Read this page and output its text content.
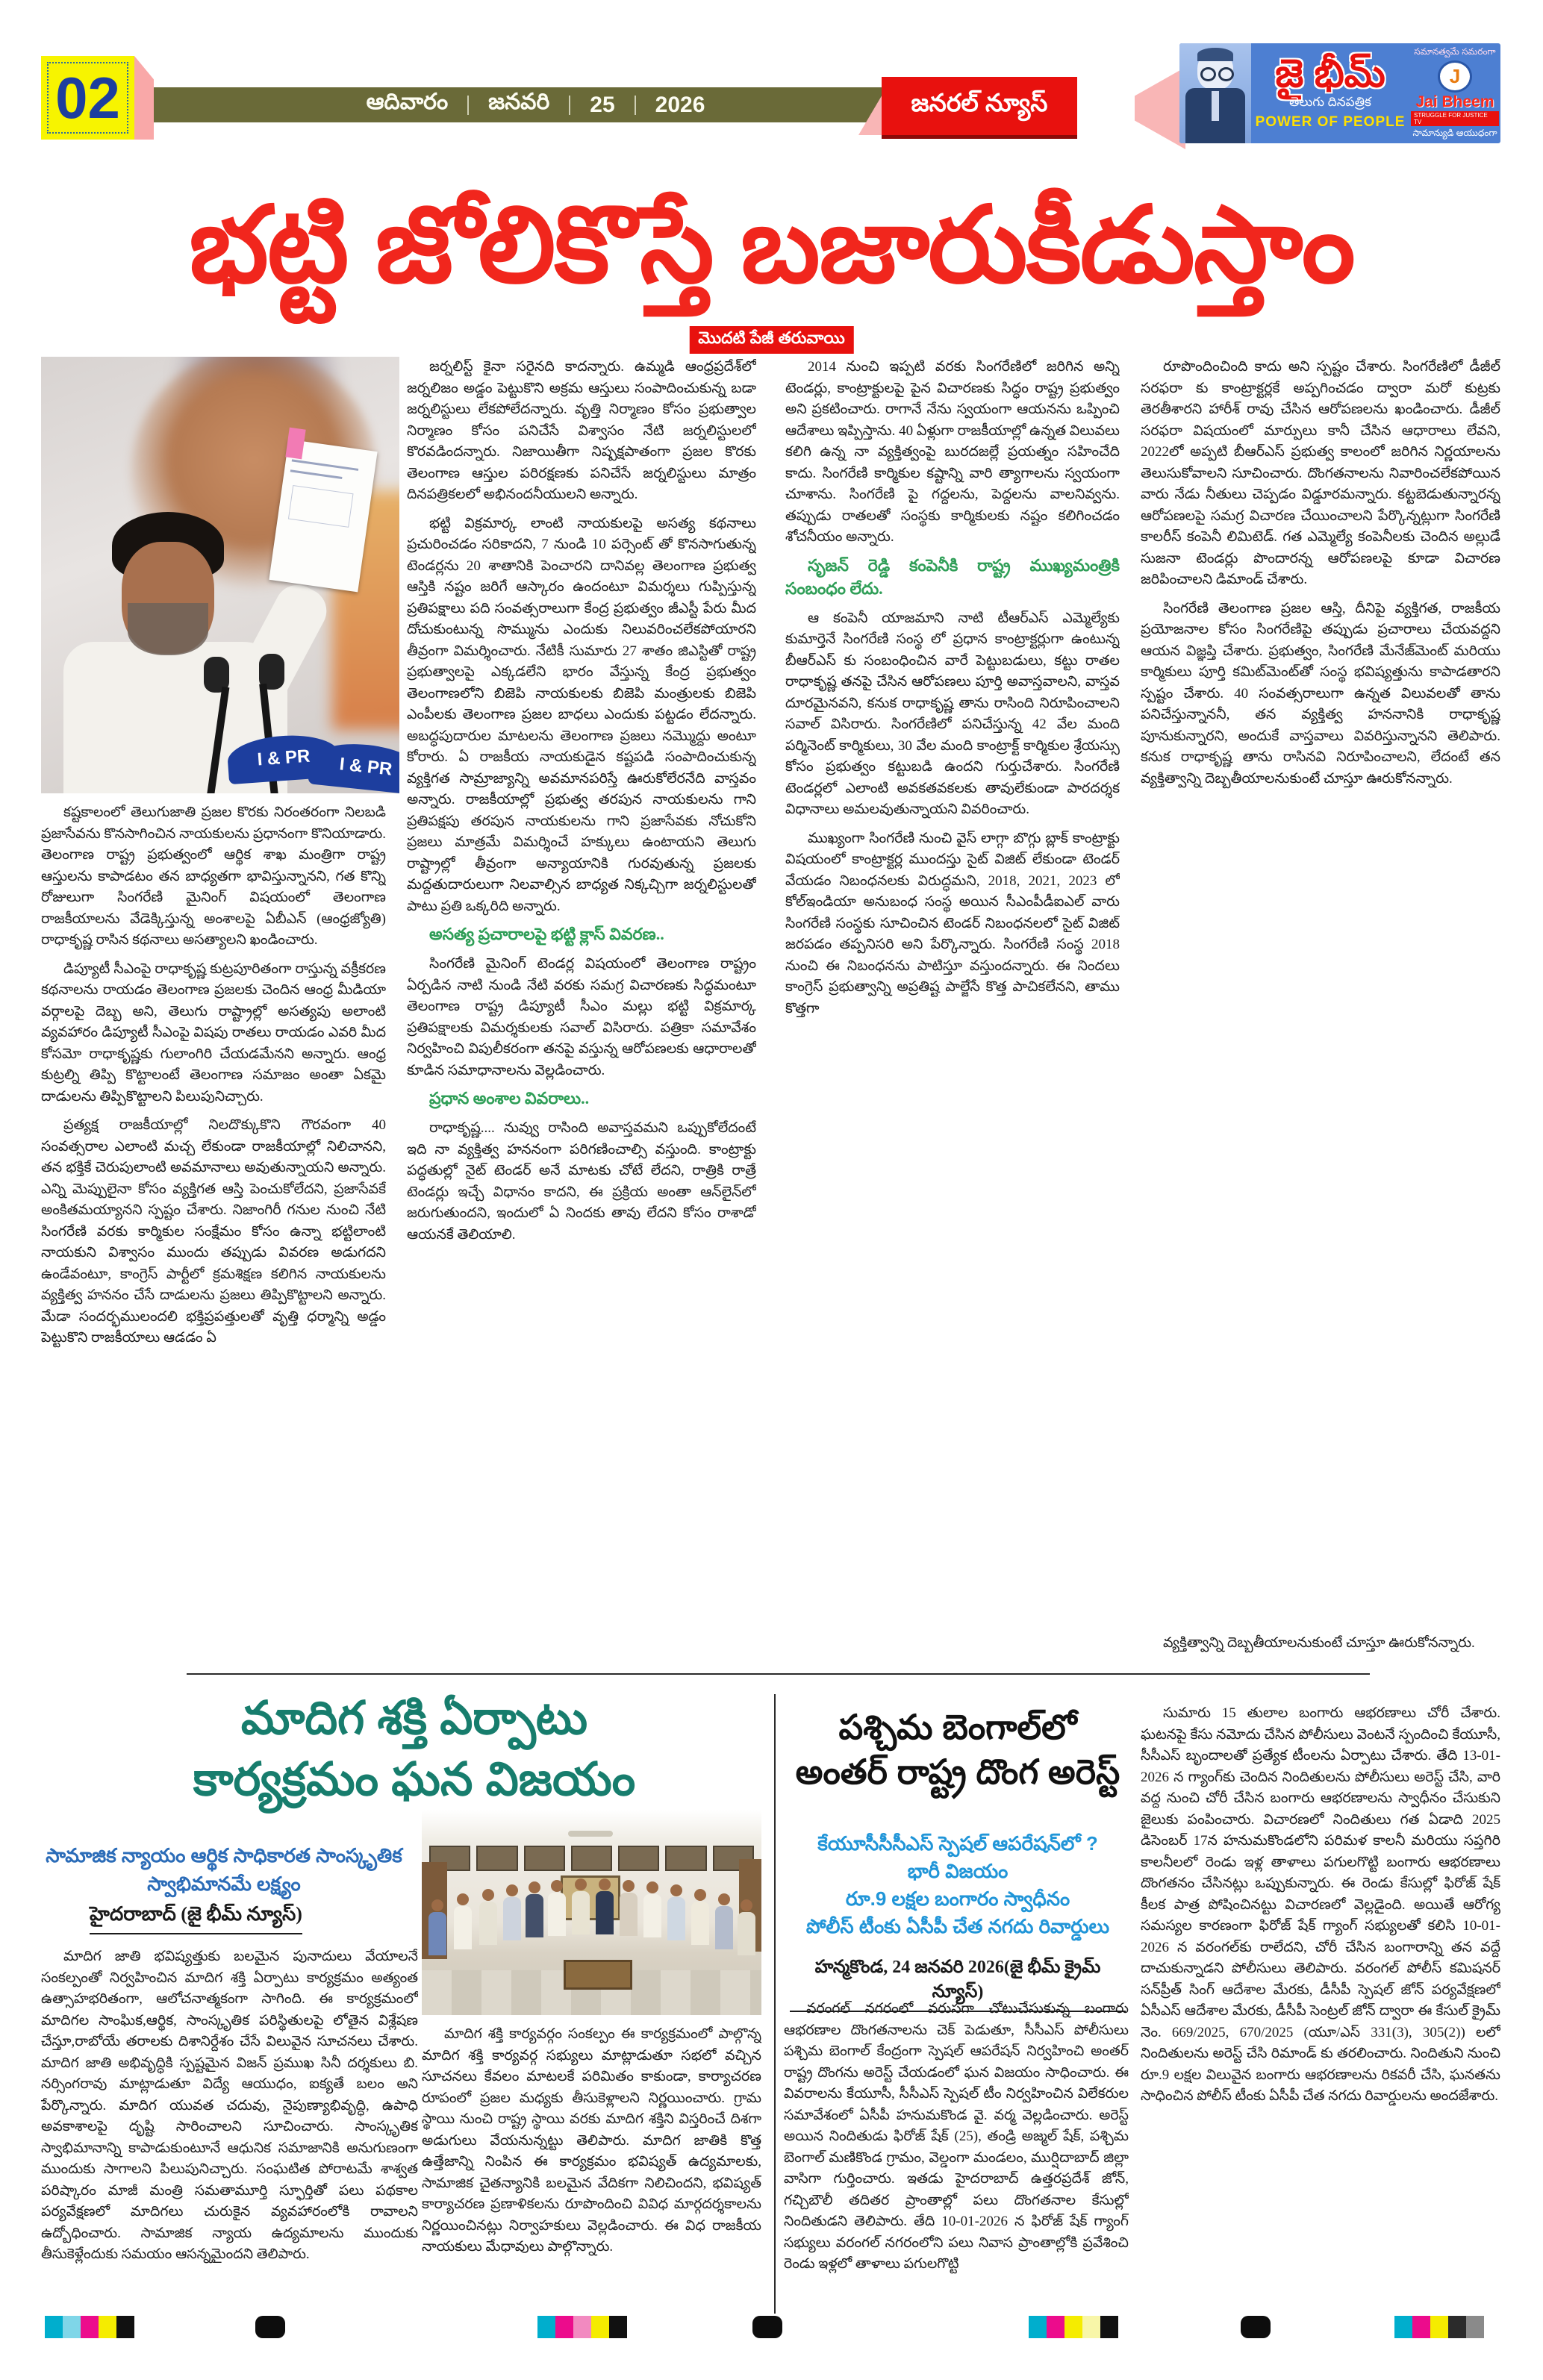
ఆదివారం జనవరి 25 2026
02	జనరల్ న్యూస్
జై భీమ్
తెలుగు దినపత్రిక
POWER OF PEOPLE
సమానత్వమే సమరంగా
J
Jai Bheem
STRUGGLE FOR JUSTICE TV
సామాన్యుడి ఆయుధంగా
భట్టి జోలికొస్తే బజారుకీడుస్తాం
మొదటి పేజీ తరువాయి
I & PR	I & PR

కష్టకాలంలో తెలుగుజాతి ప్రజల కొరకు నిరంతరంగా నిలబడి ప్రజాసేవను కొనసాగించిన నాయకులను ప్రధానంగా కొనియాడారు. తెలంగాణ రాష్ట్ర ప్రభుత్వంలో ఆర్థిక శాఖ మంత్రిగా రాష్ట్ర ఆస్తులను కాపాడటం తన బాధ్యతగా భావిస్తున్నానని, గత కొన్ని రోజులుగా సింగరేణి మైనింగ్ విషయంలో తెలంగాణ రాజకీయాలను వేడెక్కిస్తున్న అంశాలపై ఏబీఎన్ (ఆంధ్రజ్యోతి) రాధాకృష్ణ రాసిన కథనాలు అసత్యాలని ఖండించారు.

డిప్యూటీ సీఎంపై రాధాకృష్ణ కుట్రపూరితంగా రాస్తున్న వక్రీకరణ కథనాలను రాయడం తెలంగాణ ప్రజలకు చెందిన ఆంధ్ర మీడియా వర్గాలపై దెబ్బ అని, తెలుగు రాష్ట్రాల్లో అసత్యపు అలాంటి వ్యవహారం డిప్యూటీ సీఎంపై విషపు రాతలు రాయడం ఎవరి మీద కోసమో రాధాకృష్ణకు గులాంగిరి చేయడమేనని అన్నారు. ఆంధ్ర కుట్రల్ని తిప్పి కొట్టాలంటే తెలంగాణ సమాజం అంతా ఏకమై దాడులను తిప్పికొట్టాలని పిలుపునిచ్చారు.

ప్రత్యక్ష రాజకీయాల్లో నిలదొక్కుకొని గౌరవంగా 40 సంవత్సరాల ఎలాంటి మచ్చ లేకుండా రాజకీయాల్లో నిలిచానని, తన భక్తికే చెరుపులాంటి అవమానాలు అవుతున్నాయని అన్నారు. ఎన్ని మెప్పులైనా కోసం వ్యక్తిగత ఆస్తి పెంచుకోలేదని, ప్రజాసేవకే అంకితమయ్యానని స్పష్టం చేశారు. నిజాంగిరీ గనుల నుంచి నేటి సింగరేణి వరకు కార్మికుల సంక్షేమం కోసం ఉన్నా భట్టిలాంటి నాయకుని విశ్వాసం ముందు తప్పుడు వివరణ అడుగదని ఉండేవంటూ, కాంగ్రెస్ పార్టీలో క్రమశిక్షణ కలిగిన నాయకులను వ్యక్తిత్వ హననం చేసే దాడులను ప్రజలు తిప్పికొట్టాలని అన్నారు. మేడా సందర్భములందలి భక్తిప్రపత్తులతో వృత్తి ధర్మాన్ని అడ్డం పెట్టుకొని రాజకీయాలు ఆడడం ఏ

జర్నలిస్ట్ కైనా సరైనది కాదన్నారు. ఉమ్మడి ఆంధ్రప్రదేశ్‌లో జర్నలిజం అడ్డం పెట్టుకొని అక్రమ ఆస్తులు సంపాదించుకున్న బడా జర్నలిస్టులు లేకపోలేదన్నారు. వృత్తి నిర్మాణం కోసం ప్రభుత్వాల నిర్మాణం కోసం పనిచేసే విశ్వాసం నేటి జర్నలిస్టులలో కొరవడిందన్నారు. నిజాయితీగా నిష్పక్షపాతంగా ప్రజల కొరకు తెలంగాణ ఆస్తుల పరిరక్షణకు పనిచేసే జర్నలిస్టులు మాత్రం దినపత్రికలలో అభినందనీయులని అన్నారు.

భట్టి విక్రమార్క లాంటి నాయకులపై అసత్య కథనాలు ప్రచురించడం సరికాదని, 7 నుండి 10 పర్సెంట్ తో కొనసాగుతున్న టెండర్లను 20 శాతానికి పెంచారని దానివల్ల తెలంగాణ ప్రభుత్వ ఆస్తికి నష్టం జరిగే ఆస్కారం ఉందంటూ విమర్శలు గుప్పిస్తున్న ప్రతిపక్షాలు పది సంవత్సరాలుగా కేంద్ర ప్రభుత్వం జీఎస్టీ పేరు మీద దోచుకుంటున్న సొమ్మును ఎందుకు నిలువరించలేకపోయారని తీవ్రంగా విమర్శించారు. నేటికీ సుమారు 27 శాతం జిఎస్టితో రాష్ట్ర ప్రభుత్వాలపై ఎక్కడలేని భారం వేస్తున్న కేంద్ర ప్రభుత్వం తెలంగాణలోని బిజెపి నాయకులకు బిజెపి మంత్రులకు బిజెపి ఎంపీలకు తెలంగాణ ప్రజల బాధలు ఎందుకు పట్టడం లేదన్నారు. అబద్ధపుదారుల మాటలను తెలంగాణ ప్రజలు నమ్మొద్దు అంటూ కోరారు. ఏ రాజకీయ నాయకుడైన కష్టపడి సంపాదించుకున్న వ్యక్తిగత సామ్రాజ్యాన్ని అవమానపరిస్తే ఊరుకోలేరనేది వాస్తవం అన్నారు. రాజకీయాల్లో ప్రభుత్వ తరపున నాయకులను గాని ప్రతిపక్షపు తరపున నాయకులను గాని ప్రజాసేవకు నోచుకోని ప్రజలు మాత్రమే విమర్శించే హక్కులు ఉంటాయని తెలుగు రాష్ట్రాల్లో తీవ్రంగా అన్యాయానికి గురవుతున్న ప్రజలకు మద్దతుదారులుగా నిలవాల్సిన బాధ్యత నిక్కచ్చిగా జర్నలిస్టులతో పాటు ప్రతి ఒక్కరిది అన్నారు.

అసత్య ప్రచారాలపై భట్టి క్లాస్ వివరణ..

సింగరేణి మైనింగ్ టెండర్ల విషయంలో తెలంగాణ రాష్ట్రం ఏర్పడిన నాటి నుండి నేటి వరకు సమగ్ర విచారణకు సిద్ధమంటూ తెలంగాణ రాష్ట్ర డిప్యూటీ సీఎం మల్లు భట్టి విక్రమార్క ప్రతిపక్షాలకు విమర్శకులకు సవాల్ విసిరారు. పత్రికా సమావేశం నిర్వహించి విపులీకరంగా తనపై వస్తున్న ఆరోపణలకు ఆధారాలతో కూడిన సమాధానాలను వెల్లడించారు.

ప్రధాన అంశాల వివరాలు..

రాధాకృష్ణ.... నువ్వు రాసింది అవాస్తవమని ఒప్పుకోలేదంటే ఇది నా వ్యక్తిత్వ హననంగా పరిగణించాల్సి వస్తుంది. కాంట్రాక్టు పద్ధతుల్లో నైట్ టెండర్ అనే మాటకు చోటే లేదని, రాత్రికి రాత్రే టెండర్లు ఇచ్చే విధానం కాదని, ఈ ప్రక్రియ అంతా ఆన్‌లైన్‌లో జరుగుతుందని, ఇందులో ఏ నిందకు తావు లేదని కోసం రాశాడో ఆయనకే తెలియాలి.

2014 నుంచి ఇప్పటి వరకు సింగరేణిలో జరిగిన అన్ని టెండర్లు, కాంట్రాక్టులపై పైన విచారణకు సిద్ధం రాష్ట్ర ప్రభుత్వం అని ప్రకటించారు. రాగానే నేను స్వయంగా ఆయనను ఒప్పించి ఆదేశాలు ఇప్పిస్తాను. 40 ఏళ్లుగా రాజకీయాల్లో ఉన్నత విలువలు కలిగి ఉన్న నా వ్యక్తిత్వంపై బురదజల్లే ప్రయత్నం సహించేది కాదు. సింగరేణి కార్మికుల కష్టాన్ని వారి త్యాగాలను స్వయంగా చూశాను. సింగరేణి పై గద్దలను, పెద్దలను వాలనివ్వను. తప్పుడు రాతలతో సంస్థకు కార్మికులకు నష్టం కలిగించడం శోచనీయం అన్నారు.

సృజన్ రెడ్డి కంపెనీకి రాష్ట్ర ముఖ్యమంత్రికి సంబంధం లేదు.

ఆ కంపెనీ యాజమాని నాటి టీఆర్ఎస్ ఎమ్మెల్యేకు కుమార్తెనే సింగరేణి సంస్థ లో ప్రధాన కాంట్రాక్టర్లుగా ఉంటున్న బీఆర్ఎస్ కు సంబంధించిన వారే పెట్టుబడులు, కట్టు రాతల రాధాకృష్ణ తనపై చేసిన ఆరోపణలు పూర్తి అవాస్తవాలని, వాస్తవ దూరమైనవని, కనుక రాధాకృష్ణ తాను రాసింది నిరూపించాలని సవాల్ విసిరారు. సింగరేణిలో పనిచేస్తున్న 42 వేల మంది పర్మినెంట్ కార్మికులు, 30 వేల మంది కాంట్రాక్ట్ కార్మికుల శ్రేయస్సు కోసం ప్రభుత్వం కట్టుబడి ఉందని గుర్తుచేశారు. సింగరేణి టెండర్లలో ఎలాంటి అవకతవకలకు తావులేకుండా పారదర్శక విధానాలు అమలవుతున్నాయని వివరించారు.

ముఖ్యంగా సింగరేణి నుంచి వైస్ లాగ్గా బొగ్గు బ్లాక్ కాంట్రాక్టు విషయంలో కాంట్రాక్టర్ల ముందస్తు సైట్ విజిట్ లేకుండా టెండర్ వేయడం నిబంధనలకు విరుద్ధమని, 2018, 2021, 2023 లో కోల్‌ఇండియా అనుబంధ సంస్థ అయిన సీఎంపీడీఐఎల్ వారు సింగరేణి సంస్థకు సూచించిన టెండర్ నిబంధనలలో సైట్ విజిట్ జరపడం తప్పనిసరి అని పేర్కొన్నారు. సింగరేణి సంస్థ 2018 నుంచి ఈ నిబంధనను పాటిస్తూ వస్తుందన్నారు. ఈ నిందలు కాంగ్రెస్ ప్రభుత్వాన్ని అప్రతిష్ట పాల్జేసే కొత్త పాచికలేనని, తాము కొత్తగా

రూపొందించింది కాదు అని స్పష్టం చేశారు. సింగరేణిలో డీజీల్ సరఫరా కు కాంట్రాక్టర్లకే అప్పగించడం ద్వారా మరో కుట్రకు తెరతీశారని హారీశ్ రావు చేసిన ఆరోపణలను ఖండించారు. డీజీల్ సరఫరా విషయంలో మార్పులు కానీ చేసిన ఆధారాలు లేవని, 2022లో అప్పటి బీఆర్ఎస్ ప్రభుత్వ కాలంలో జరిగిన నిర్ణయాలను తెలుసుకోవాలని సూచించారు. దొంగతనాలను నివారించలేకపోయిన వారు నేడు నీతులు చెప్పడం విడ్డూరమన్నారు. కట్టబెడుతున్నారన్న ఆరోపణలపై సమగ్ర విచారణ చేయించాలని పేర్కొన్నట్లుగా సింగరేణి కాలరీస్ కంపెనీ లిమిటెడ్. గత ఎమ్మెల్యే కంపెనీలకు చెందిన అల్లుడే సుజనా టెండర్లు పొందారన్న ఆరోపణలపై కూడా విచారణ జరిపించాలని డిమాండ్ చేశారు.

సింగరేణి తెలంగాణ ప్రజల ఆస్తి, దీనిపై వ్యక్తిగత, రాజకీయ ప్రయోజనాల కోసం సింగరేణిపై తప్పుడు ప్రచారాలు చేయవద్దని ఆయన విజ్ఞప్తి చేశారు. ప్రభుత్వం, సింగరేణి మేనేజ్‌మెంట్ మరియు కార్మికులు పూర్తి కమిట్‌మెంట్‌తో సంస్థ భవిష్యత్తును కాపాడతారని స్పష్టం చేశారు. 40 సంవత్సరాలుగా ఉన్నత విలువలతో తాను పనిచేస్తున్నాననీ, తన వ్యక్తిత్వ హననానికి రాధాకృష్ణ పూనుకున్నారని, అందుకే వాస్తవాలు వివరిస్తున్నానని తెలిపారు. కనుక రాధాకృష్ణ తాను రాసినవి నిరూపించాలని, లేదంటే తన వ్యక్తిత్వాన్ని దెబ్బతీయాలనుకుంటే చూస్తూ ఊరుకోనన్నారు.

మాదిగ శక్తి ఏర్పాటు
కార్యక్రమం ఘన విజయం
సామాజిక న్యాయం ఆర్థిక సాధికారత సాంస్కృతిక
స్వాభిమానమే లక్ష్యం
హైదరాబాద్ (జై భీమ్ న్యూస్)

మాదిగ జాతి భవిష్యత్తుకు బలమైన పునాదులు వేయాలనే సంకల్పంతో నిర్వహించిన మాదిగ శక్తి ఏర్పాటు కార్యక్రమం అత్యంత ఉత్సాహభరితంగా, ఆలోచనాత్మకంగా సాగింది. ఈ కార్యక్రమంలో మాదిగల సాంఘిక,ఆర్థిక, సాంస్కృతిక పరిస్థితులపై లోతైన విశ్లేషణ చేస్తూ,రాబోయే తరాలకు దిశానిర్దేశం చేసే విలువైన సూచనలు చేశారు. మాదిగ జాతి అభివృద్ధికి స్పష్టమైన విజన్ ప్రముఖ సినీ దర్శకులు బి. నర్సింగరావు మాట్లాడుతూ విద్యే ఆయుధం, ఐక్యతే బలం అని పేర్కొన్నారు. మాదిగ యువత చదువు, నైపుణ్యాభివృద్ధి, ఉపాధి అవకాశాలపై దృష్టి సారించాలని సూచించారు. సాంస్కృతిక స్వాభిమానాన్ని కాపాడుకుంటూనే ఆధునిక సమాజానికి అనుగుణంగా ముందుకు సాగాలని పిలుపునిచ్చారు. సంఘటిత పోరాటమే శాశ్వత పరిష్కారం మాజీ మంత్రి సమతామూర్తి స్ఫూర్తితో పలు పథకాల పర్యవేక్షణలో మాదిగలు చురుకైన వ్యవహారంలోకి రావాలని ఉద్బోధించారు. సామాజిక న్యాయ ఉద్యమాలను ముందుకు తీసుకెళ్లేందుకు సమయం ఆసన్నమైందని తెలిపారు.

మాదిగ శక్తి కార్యవర్గం సంకల్పం ఈ కార్యక్రమంలో పాల్గొన్న మాదిగ శక్తి కార్యవర్గ సభ్యులు మాట్లాడుతూ సభలో వచ్చిన సూచనలు కేవలం మాటలకే పరిమితం కాకుండా, కార్యాచరణ రూపంలో ప్రజల మధ్యకు తీసుకెళ్లాలని నిర్ణయించారు. గ్రామ స్థాయి నుంచి రాష్ట్ర స్థాయి వరకు మాదిగ శక్తిని విస్తరించే దిశగా అడుగులు వేయనున్నట్టు తెలిపారు. మాదిగ జాతికి కొత్త ఉత్తేజాన్ని నింపిన ఈ కార్యక్రమం భవిష్యత్ ఉద్యమాలకు, సామాజిక చైతన్యానికి బలమైన వేదికగా నిలిచిందని, భవిష్యత్ కార్యాచరణ ప్రణాళికలను రూపొందించి వివిధ మార్గదర్శకాలను నిర్ణయించినట్లు నిర్వాహకులు వెల్లడించారు. ఈ విధ రాజకీయ నాయకులు మేధావులు పాల్గొన్నారు.

పశ్చిమ బెంగాల్‌లో
అంతర్ రాష్ట్ర దొంగ అరెస్ట్
కేయూసీసీసీఎస్ స్పెషల్ ఆపరేషన్‌లో ?
భారీ విజయం
రూ.9 లక్షల బంగారం స్వాధీనం
పోలీస్ టీంకు ఏసీపీ చేత నగదు రివార్డులు
హన్మకొండ, 24 జనవరి 2026(జై భీమ్ క్రైమ్ న్యూస్)

వరంగల్ నగరంలో వరుసగా చోటుచేసుకున్న బంగారు ఆభరణాల దొంగతనాలను చెక్ పెడుతూ, సీసీఎస్ పోలీసులు పశ్చిమ బెంగాల్ కేంద్రంగా స్పెషల్ ఆపరేషన్ నిర్వహించి అంతర్ రాష్ట్ర దొంగను అరెస్ట్ చేయడంలో ఘన విజయం సాధించారు. ఈ వివరాలను కేయూసీ, సీసీఎస్ స్పెషల్ టీం నిర్వహించిన విలేకరుల సమావేశంలో ఏసీపీ హనుమకొండ వై. వర్మ వెల్లడించారు. అరెస్ట్ అయిన నిందితుడు ఫిరోజ్ షేక్ (25), తండ్రి అజ్మల్ షేక్, పశ్చిమ బెంగాల్ మణికొండ గ్రామం, వెల్డంగా మండలం, ముర్షిదాబాద్ జిల్లా వాసిగా గుర్తించారు. ఇతడు హైదరాబాద్ ఉత్తరప్రదేశ్ జోన్, గచ్చిబౌలీ తదితర ప్రాంతాల్లో పలు దొంగతనాల కేసుల్లో నిందితుడని తెలిపారు. తేది 10-01-2026 న ఫిరోజ్ షేక్ గ్యాంగ్ సభ్యులు వరంగల్ నగరంలోని పలు నివాస ప్రాంతాల్లోకి ప్రవేశించి రెండు ఇళ్లలో తాళాలు పగులగొట్టి

వ్యక్తిత్వాన్ని దెబ్బతీయాలనుకుంటే చూస్తూ ఊరుకోనన్నారు.

సుమారు 15 తులాల బంగారు ఆభరణాలు చోరీ చేశారు. ఘటనపై కేసు నమోదు చేసిన పోలీసులు వెంటనే స్పందించి కేయూసీ, సీసీఎస్ బృందాలతో ప్రత్యేక టీంలను ఏర్పాటు చేశారు. తేది 13-01-2026 న గ్యాంగ్‌కు చెందిన నిందితులను పోలీసులు అరెస్ట్ చేసి, వారి వద్ద నుంచి చోరీ చేసిన బంగారు ఆభరణాలను స్వాధీనం చేసుకుని జైలుకు పంపించారు. విచారణలో నిందితులు గత ఏడాది 2025 డిసెంబర్ 17న హనుమకొండలోని పరిమళ కాలనీ మరియు సప్తగిరి కాలనీలలో రెండు ఇళ్ల తాళాలు పగులగొట్టి బంగారు ఆభరణాలు దొంగతనం చేసినట్లు ఒప్పుకున్నారు. ఈ రెండు కేసుల్లో ఫిరోజ్ షేక్ కీలక పాత్ర పోషించినట్టు విచారణలో వెల్లడైంది. అయితే ఆరోగ్య సమస్యల కారణంగా ఫిరోజ్ షేక్ గ్యాంగ్ సభ్యులతో కలిసి 10-01-2026 న వరంగల్‌కు రాలేదని, చోరీ చేసిన బంగారాన్ని తన వద్దే దాచుకున్నాడని పోలీసులు తెలిపారు. వరంగల్ పోలీస్ కమిషనర్ సన్‌ప్రీత్ సింగ్ ఆదేశాల మేరకు, డీసీపీ స్పెషల్ జోన్ పర్యవేక్షణలో ఏసీఎస్ ఆదేశాల మేరకు, డీసీపీ సెంట్రల్ జోన్ ద్వారా ఈ కేసుల్ క్రైమ్ నెం. 669/2025, 670/2025 (యూ/ఎస్ 331(3), 305(2)) లలో నిందితులను అరెస్ట్ చేసి రిమాండ్ కు తరలించారు. నిందితుని నుంచి రూ.9 లక్షల విలువైన బంగారు ఆభరణాలను రికవరీ చేసి, ఘనతను సాధించిన పోలీస్ టీంకు ఏసీపీ చేత నగదు రివార్డులను అందజేశారు.
